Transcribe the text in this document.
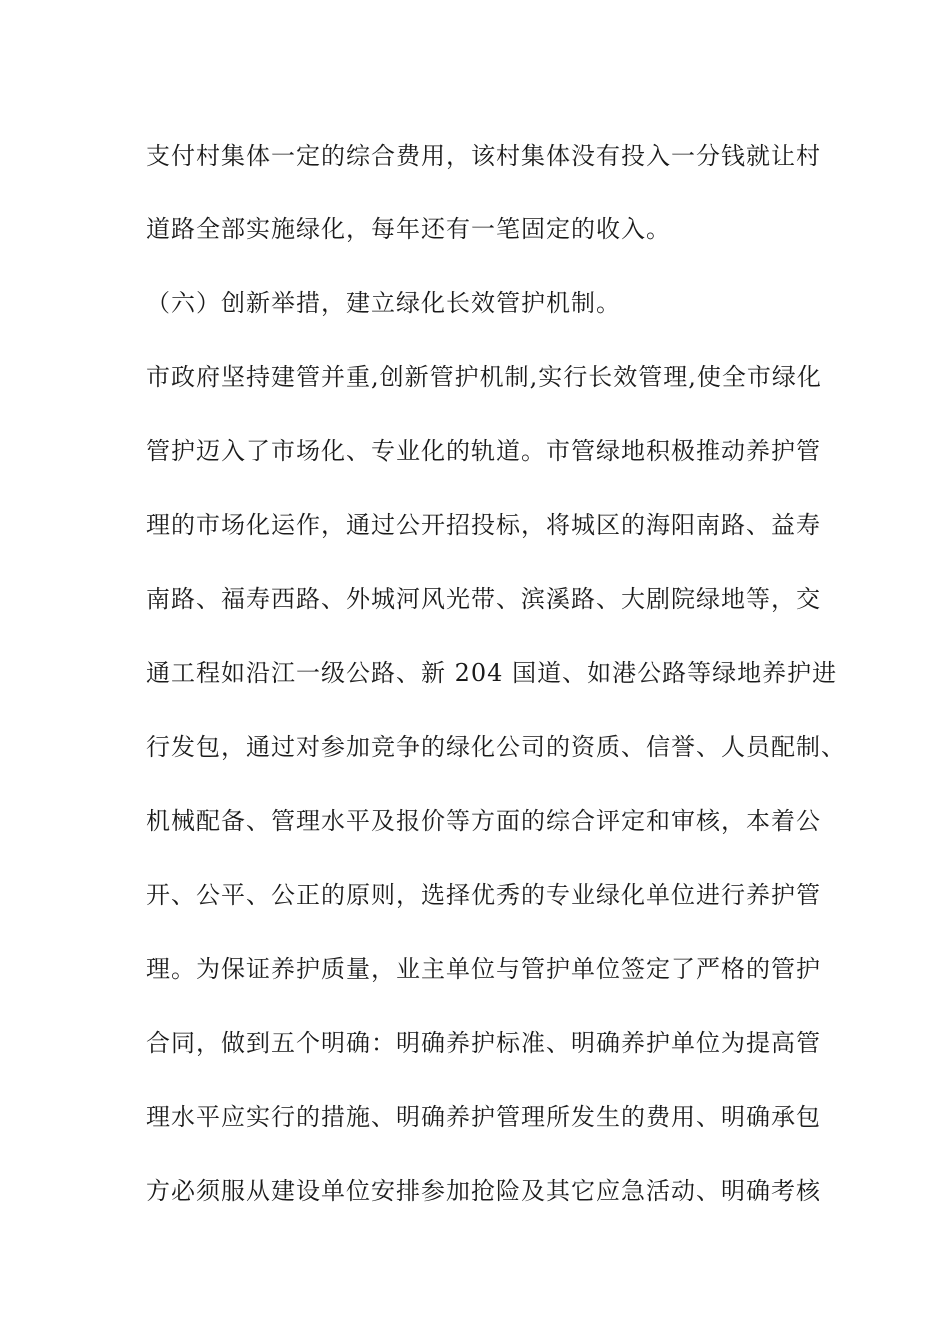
支付村集体一定的综合费用，该村集体没有投入一分钱就让村
道路全部实施绿化，每年还有一笔固定的收入。
（六）创新举措，建立绿化长效管护机制。
市政府坚持建管并重,创新管护机制,实行长效管理,使全市绿化
管护迈入了市场化、专业化的轨道。市管绿地积极推动养护管
理的市场化运作，通过公开招投标，将城区的海阳南路、益寿
南路、福寿西路、外城河风光带、滨溪路、大剧院绿地等，交
通工程如沿江一级公路、新 204 国道、如港公路等绿地养护进
行发包，通过对参加竞争的绿化公司的资质、信誉、人员配制、
机械配备、管理水平及报价等方面的综合评定和审核，本着公
开、公平、公正的原则，选择优秀的专业绿化单位进行养护管
理。为保证养护质量，业主单位与管护单位签定了严格的管护
合同，做到五个明确：明确养护标准、明确养护单位为提高管
理水平应实行的措施、明确养护管理所发生的费用、明确承包
方必须服从建设单位安排参加抢险及其它应急活动、明确考核
